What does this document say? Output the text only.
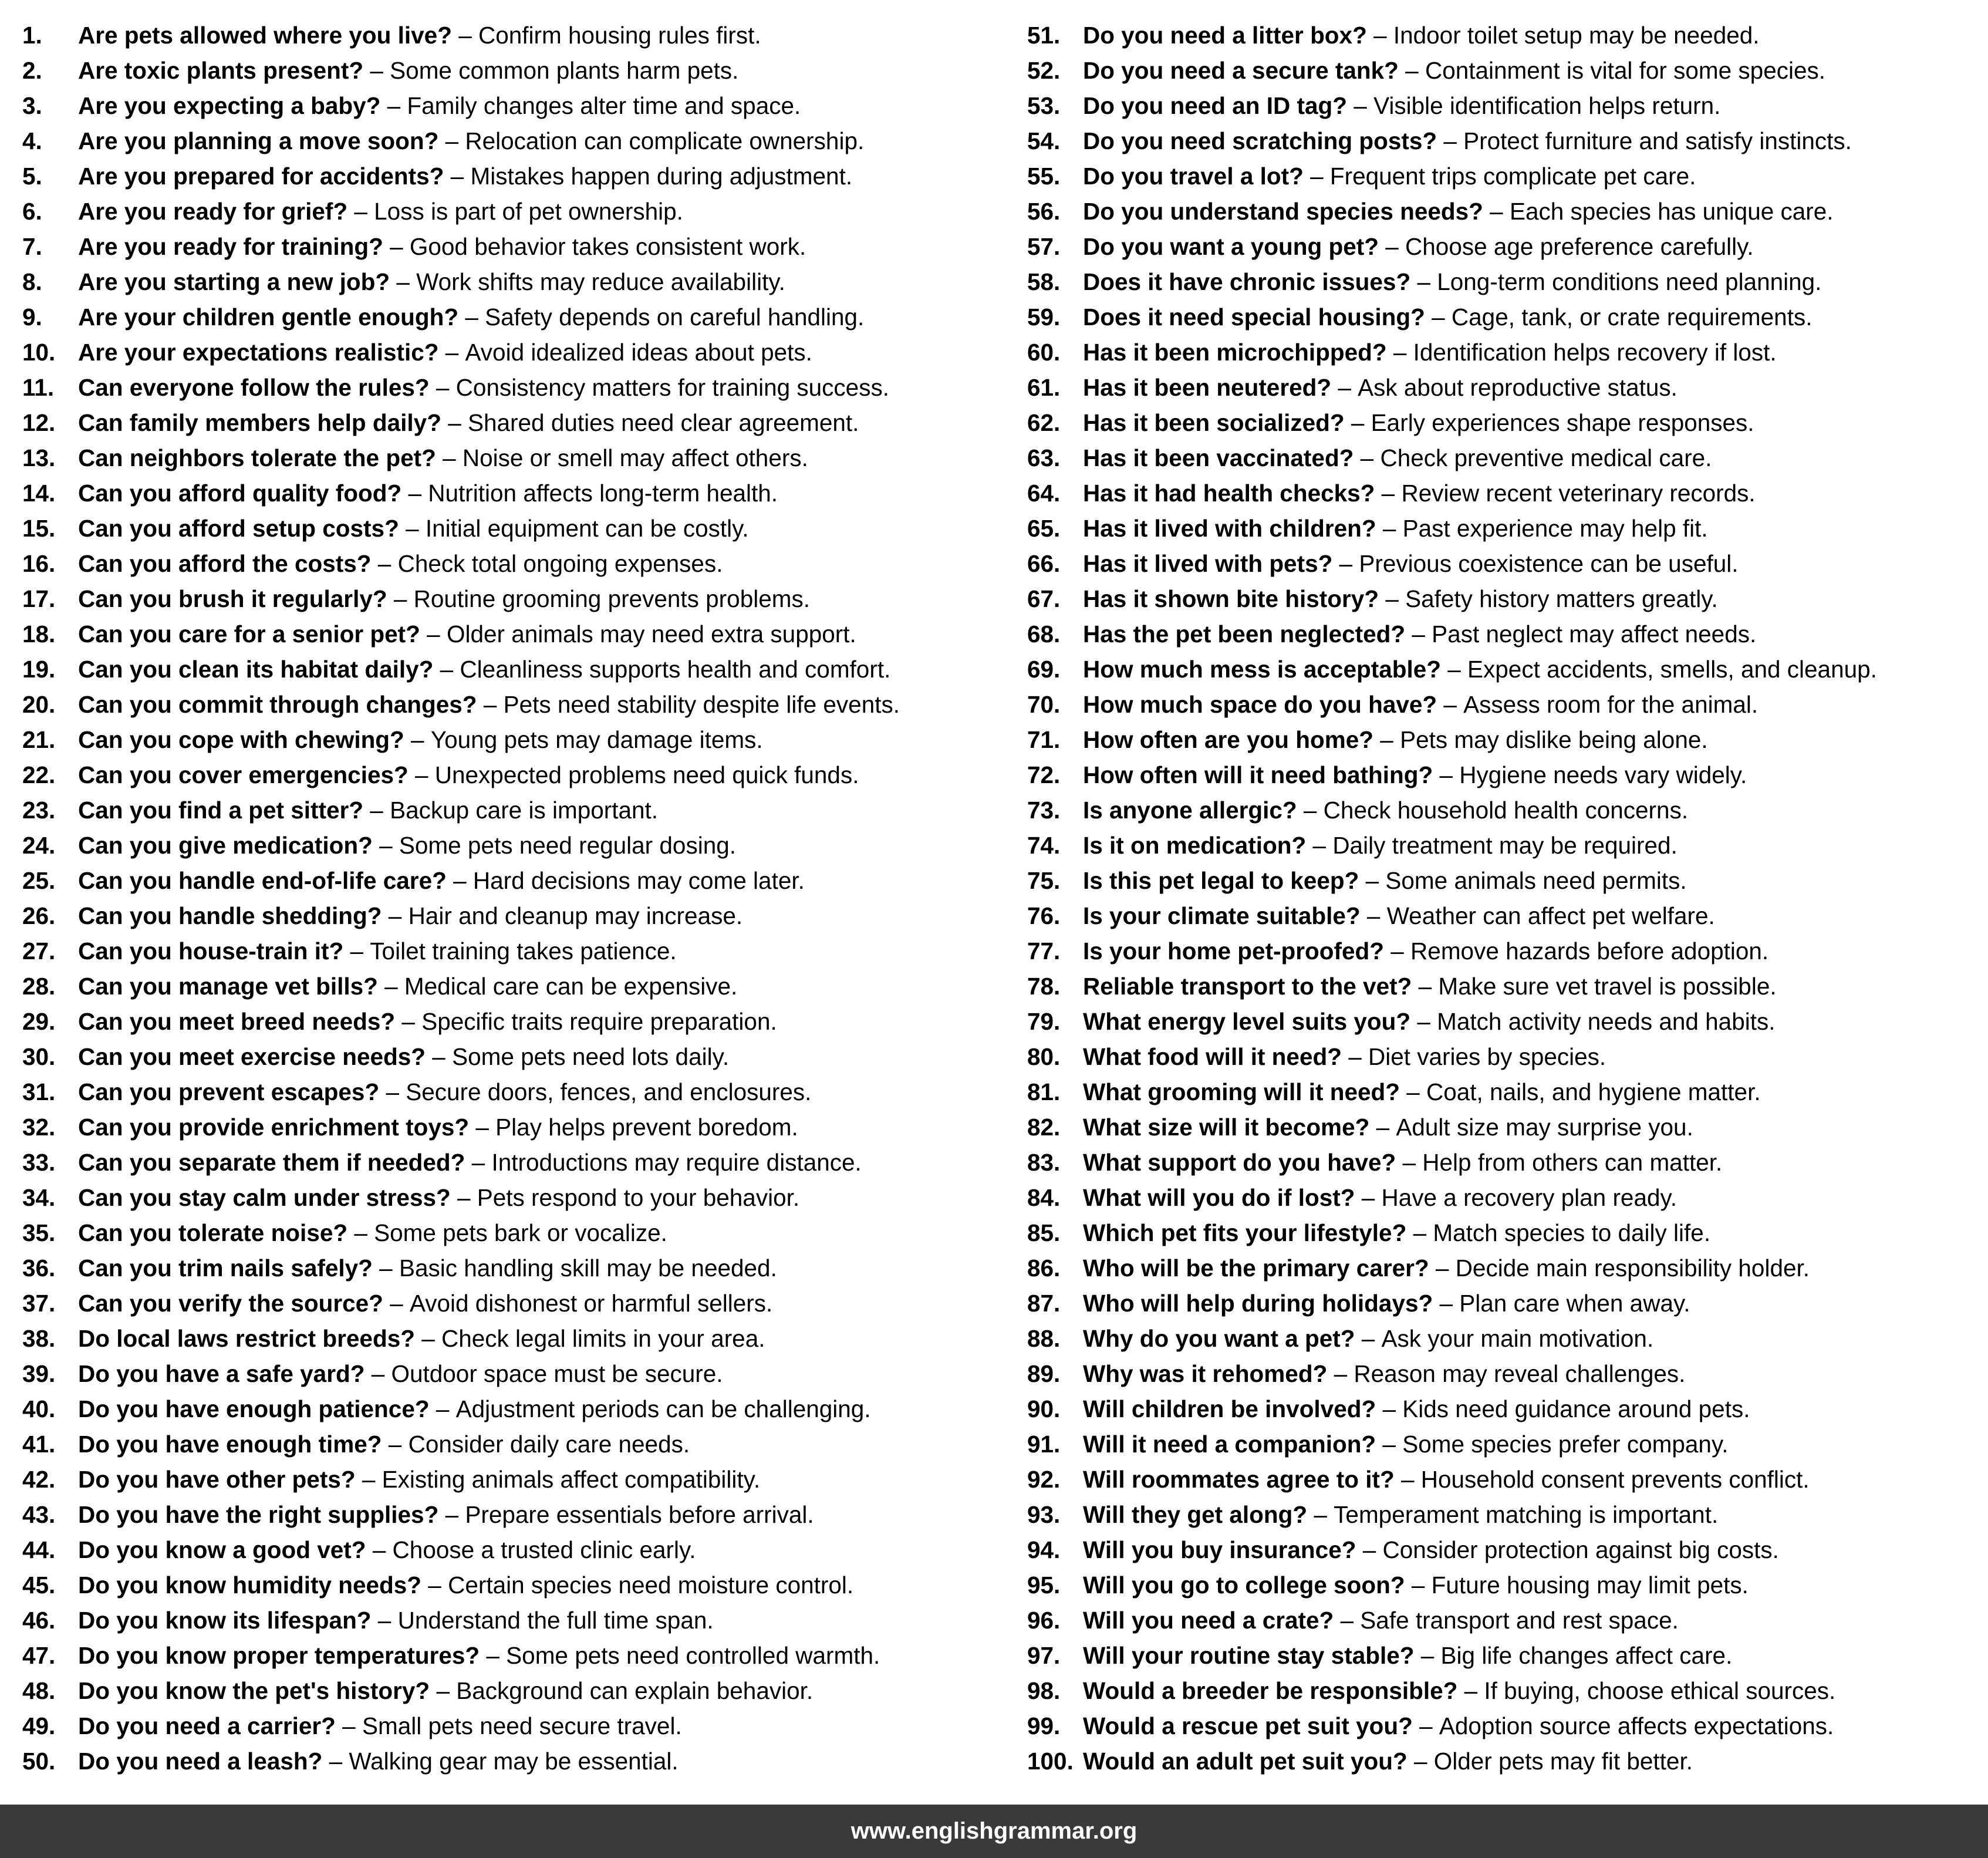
1.	Are pets allowed where you live? – Confirm housing rules first.
2.	Are toxic plants present? – Some common plants harm pets.
3.	Are you expecting a baby? – Family changes alter time and space.
4.	Are you planning a move soon? – Relocation can complicate ownership.
5.	Are you prepared for accidents? – Mistakes happen during adjustment.
6.	Are you ready for grief? – Loss is part of pet ownership.
7.	Are you ready for training? – Good behavior takes consistent work.
8.	Are you starting a new job? – Work shifts may reduce availability.
9.	Are your children gentle enough? – Safety depends on careful handling.
10. Are your expectations realistic? – Avoid idealized ideas about pets.
11.	Can everyone follow the rules? – Consistency matters for training success.
12. Can family members help daily? – Shared duties need clear agreement.
13. Can neighbors tolerate the pet? – Noise or smell may affect others.
14. Can you afford quality food? – Nutrition affects long-term health.
15. Can you afford setup costs? – Initial equipment can be costly.
16. Can you afford the costs? – Check total ongoing expenses.
17. Can you brush it regularly? – Routine grooming prevents problems.
18. Can you care for a senior pet? – Older animals may need extra support.
19. Can you clean its habitat daily? – Cleanliness supports health and comfort.
20. Can you commit through changes? – Pets need stability despite life events.
21. Can you cope with chewing? – Young pets may damage items.
22. Can you cover emergencies? – Unexpected problems need quick funds.
23. Can you find a pet sitter? – Backup care is important.
24. Can you give medication? – Some pets need regular dosing.
25. Can you handle end-of-life care? – Hard decisions may come later.
26. Can you handle shedding? – Hair and cleanup may increase.
27. Can you house-train it? – Toilet training takes patience.
28. Can you manage vet bills? – Medical care can be expensive.
29. Can you meet breed needs? – Specific traits require preparation.
30. Can you meet exercise needs? – Some pets need lots daily.
31. Can you prevent escapes? – Secure doors, fences, and enclosures.
32. Can you provide enrichment toys? – Play helps prevent boredom.
33. Can you separate them if needed? – Introductions may require distance.
34. Can you stay calm under stress? – Pets respond to your behavior.
35. Can you tolerate noise? – Some pets bark or vocalize.
36. Can you trim nails safely? – Basic handling skill may be needed.
37. Can you verify the source? – Avoid dishonest or harmful sellers.
38. Do local laws restrict breeds? – Check legal limits in your area.
39. Do you have a safe yard? – Outdoor space must be secure.
40. Do you have enough patience? – Adjustment periods can be challenging.
41. Do you have enough time? – Consider daily care needs.
42. Do you have other pets? – Existing animals affect compatibility.
43. Do you have the right supplies? – Prepare essentials before arrival.
44. Do you know a good vet? – Choose a trusted clinic early.
45. Do you know humidity needs? – Certain species need moisture control.
46. Do you know its lifespan? – Understand the full time span.
47. Do you know proper temperatures? – Some pets need controlled warmth.
48. Do you know the pet's history? – Background can explain behavior.
49. Do you need a carrier? – Small pets need secure travel.
50. Do you need a leash? – Walking gear may be essential.
51. Do you need a litter box? – Indoor toilet setup may be needed.
52. Do you need a secure tank? – Containment is vital for some species.
53. Do you need an ID tag? – Visible identification helps return.
54. Do you need scratching posts? – Protect furniture and satisfy instincts.
55. Do you travel a lot? – Frequent trips complicate pet care.
56. Do you understand species needs? – Each species has unique care.
57. Do you want a young pet? – Choose age preference carefully.
58. Does it have chronic issues? – Long-term conditions need planning.
59. Does it need special housing? – Cage, tank, or crate requirements.
60. Has it been microchipped? – Identification helps recovery if lost.
61. Has it been neutered? – Ask about reproductive status.
62. Has it been socialized? – Early experiences shape responses.
63. Has it been vaccinated? – Check preventive medical care.
64. Has it had health checks? – Review recent veterinary records.
65. Has it lived with children? – Past experience may help fit.
66. Has it lived with pets? – Previous coexistence can be useful.
67. Has it shown bite history? – Safety history matters greatly.
68. Has the pet been neglected? – Past neglect may affect needs.
69. How much mess is acceptable? – Expect accidents, smells, and cleanup.
70. How much space do you have? – Assess room for the animal.
71. How often are you home? – Pets may dislike being alone.
72. How often will it need bathing? – Hygiene needs vary widely.
73. Is anyone allergic? – Check household health concerns.
74. Is it on medication? – Daily treatment may be required.
75. Is this pet legal to keep? – Some animals need permits.
76. Is your climate suitable? – Weather can affect pet welfare.
77. Is your home pet-proofed? – Remove hazards before adoption.
78. Reliable transport to the vet? – Make sure vet travel is possible.
79. What energy level suits you? – Match activity needs and habits.
80. What food will it need? – Diet varies by species.
81. What grooming will it need? – Coat, nails, and hygiene matter.
82. What size will it become? – Adult size may surprise you.
83. What support do you have? – Help from others can matter.
84. What will you do if lost? – Have a recovery plan ready.
85. Which pet fits your lifestyle? – Match species to daily life.
86. Who will be the primary carer? – Decide main responsibility holder.
87. Who will help during holidays? – Plan care when away.
88. Why do you want a pet? – Ask your main motivation.
89. Why was it rehomed? – Reason may reveal challenges.
90. Will children be involved? – Kids need guidance around pets.
91. Will it need a companion? – Some species prefer company.
92. Will roommates agree to it? – Household consent prevents conflict.
93. Will they get along? – Temperament matching is important.
94. Will you buy insurance? – Consider protection against big costs.
95. Will you go to college soon? – Future housing may limit pets.
96. Will you need a crate? – Safe transport and rest space.
97. Will your routine stay stable? – Big life changes affect care.
98. Would a breeder be responsible? – If buying, choose ethical sources.
99. Would a rescue pet suit you? – Adoption source affects expectations.
100. Would an adult pet suit you? – Older pets may fit better.
www.englishgrammar.org
